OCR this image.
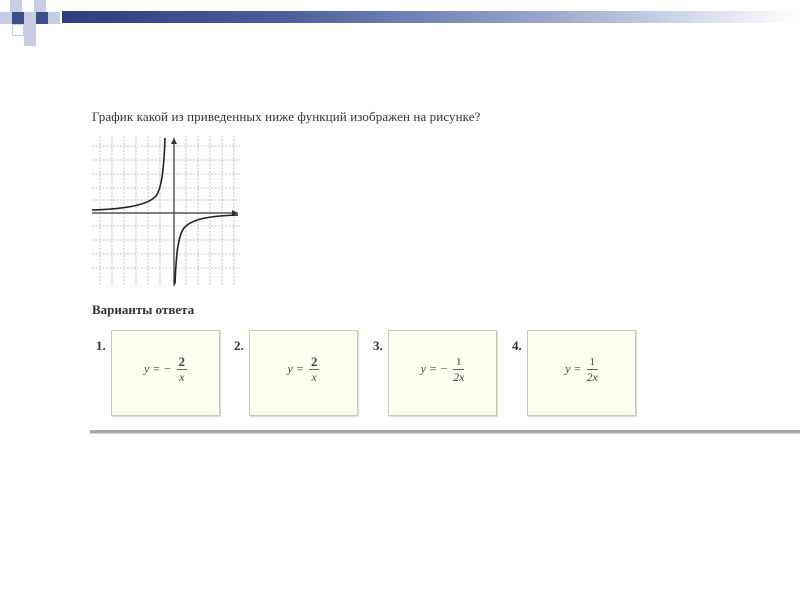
График какой из приведенных ниже функций изображен на рисунке?
Варианты ответа
1.
y = − $\frac{2}{x}$
2.
$y = \frac{2}{x}$
3.
y = − $\frac{1}{2x}$
4.
$y = \frac{1}{2x}$
